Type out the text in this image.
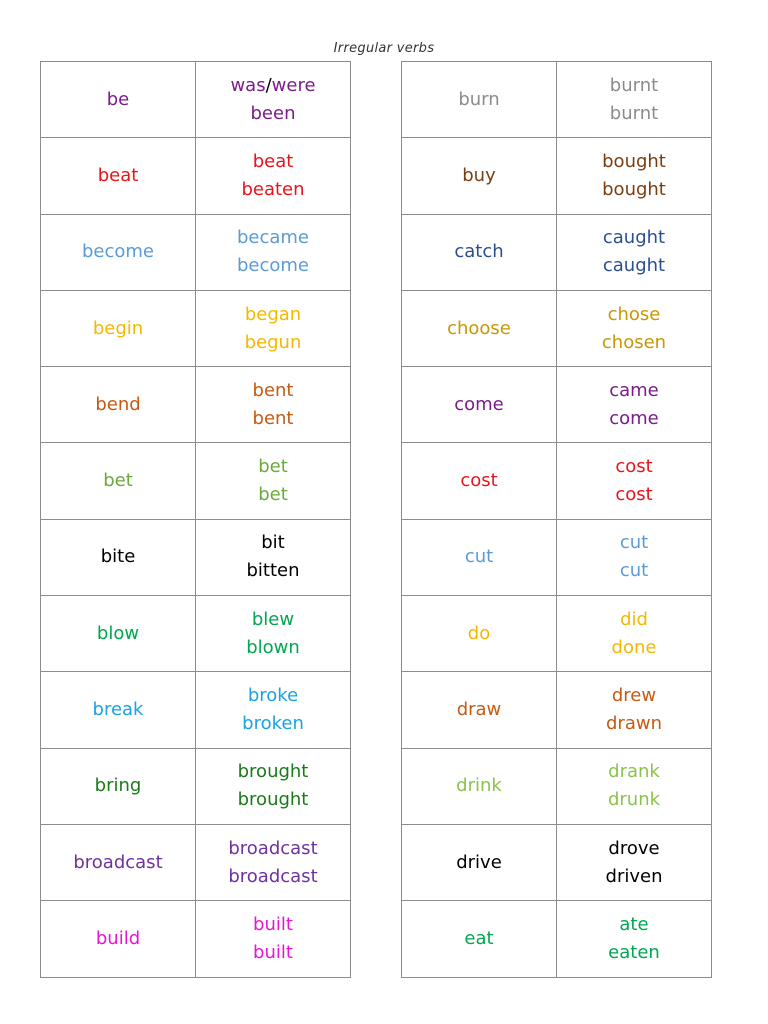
Irregular verbs
be	was/were
been

beat	beat
beaten

become	became
become

begin	began
begun

bend	bent
bent

bet	bet
bet

bite	bit
bitten

blow	blew
blown

break	broke
broken

bring	brought
brought

broadcast	broadcast
broadcast

build	built
built
burn	burnt
burnt

buy	bought
bought

catch	caught
caught

choose	chose
chosen

come	came
come

cost	cost
cost

cut	cut
cut

do	did
done

draw	drew
drawn

drink	drank
drunk

drive	drove
driven

eat	ate
eaten
